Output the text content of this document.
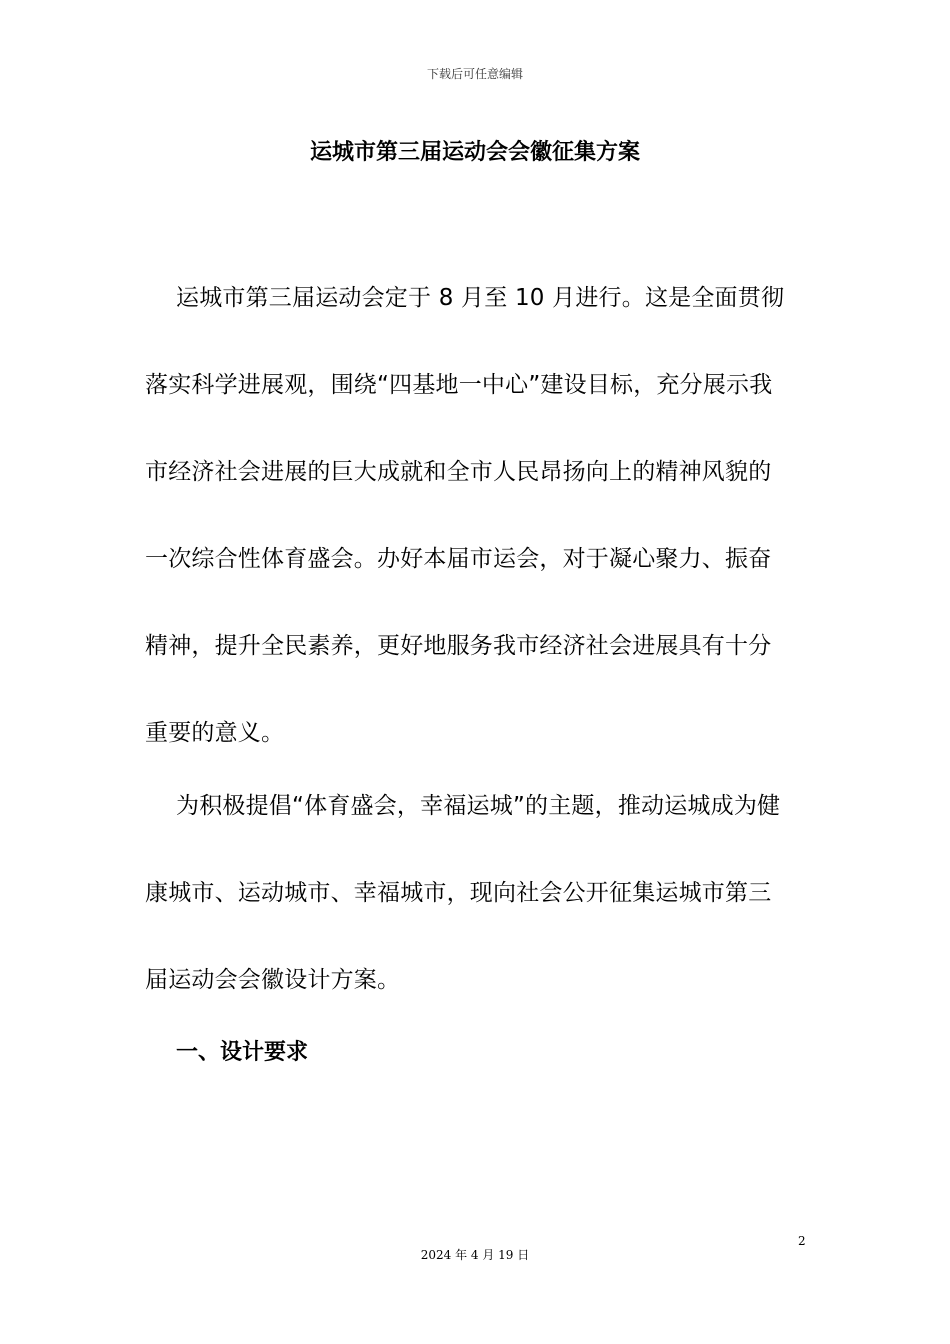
下载后可任意编辑
运城市第三届运动会会徽征集方案
运城市第三届运动会定于 8 月至 10 月进行。这是全面贯彻
落实科学进展观，围绕“四基地一中心”建设目标，充分展示我
市经济社会进展的巨大成就和全市人民昂扬向上的精神风貌的
一次综合性体育盛会。办好本届市运会，对于凝心聚力、振奋
精神，提升全民素养，更好地服务我市经济社会进展具有十分
重要的意义。
为积极提倡“体育盛会，幸福运城”的主题，推动运城成为健
康城市、运动城市、幸福城市，现向社会公开征集运城市第三
届运动会会徽设计方案。
一、设计要求
2
2024 年 4 月 19 日
